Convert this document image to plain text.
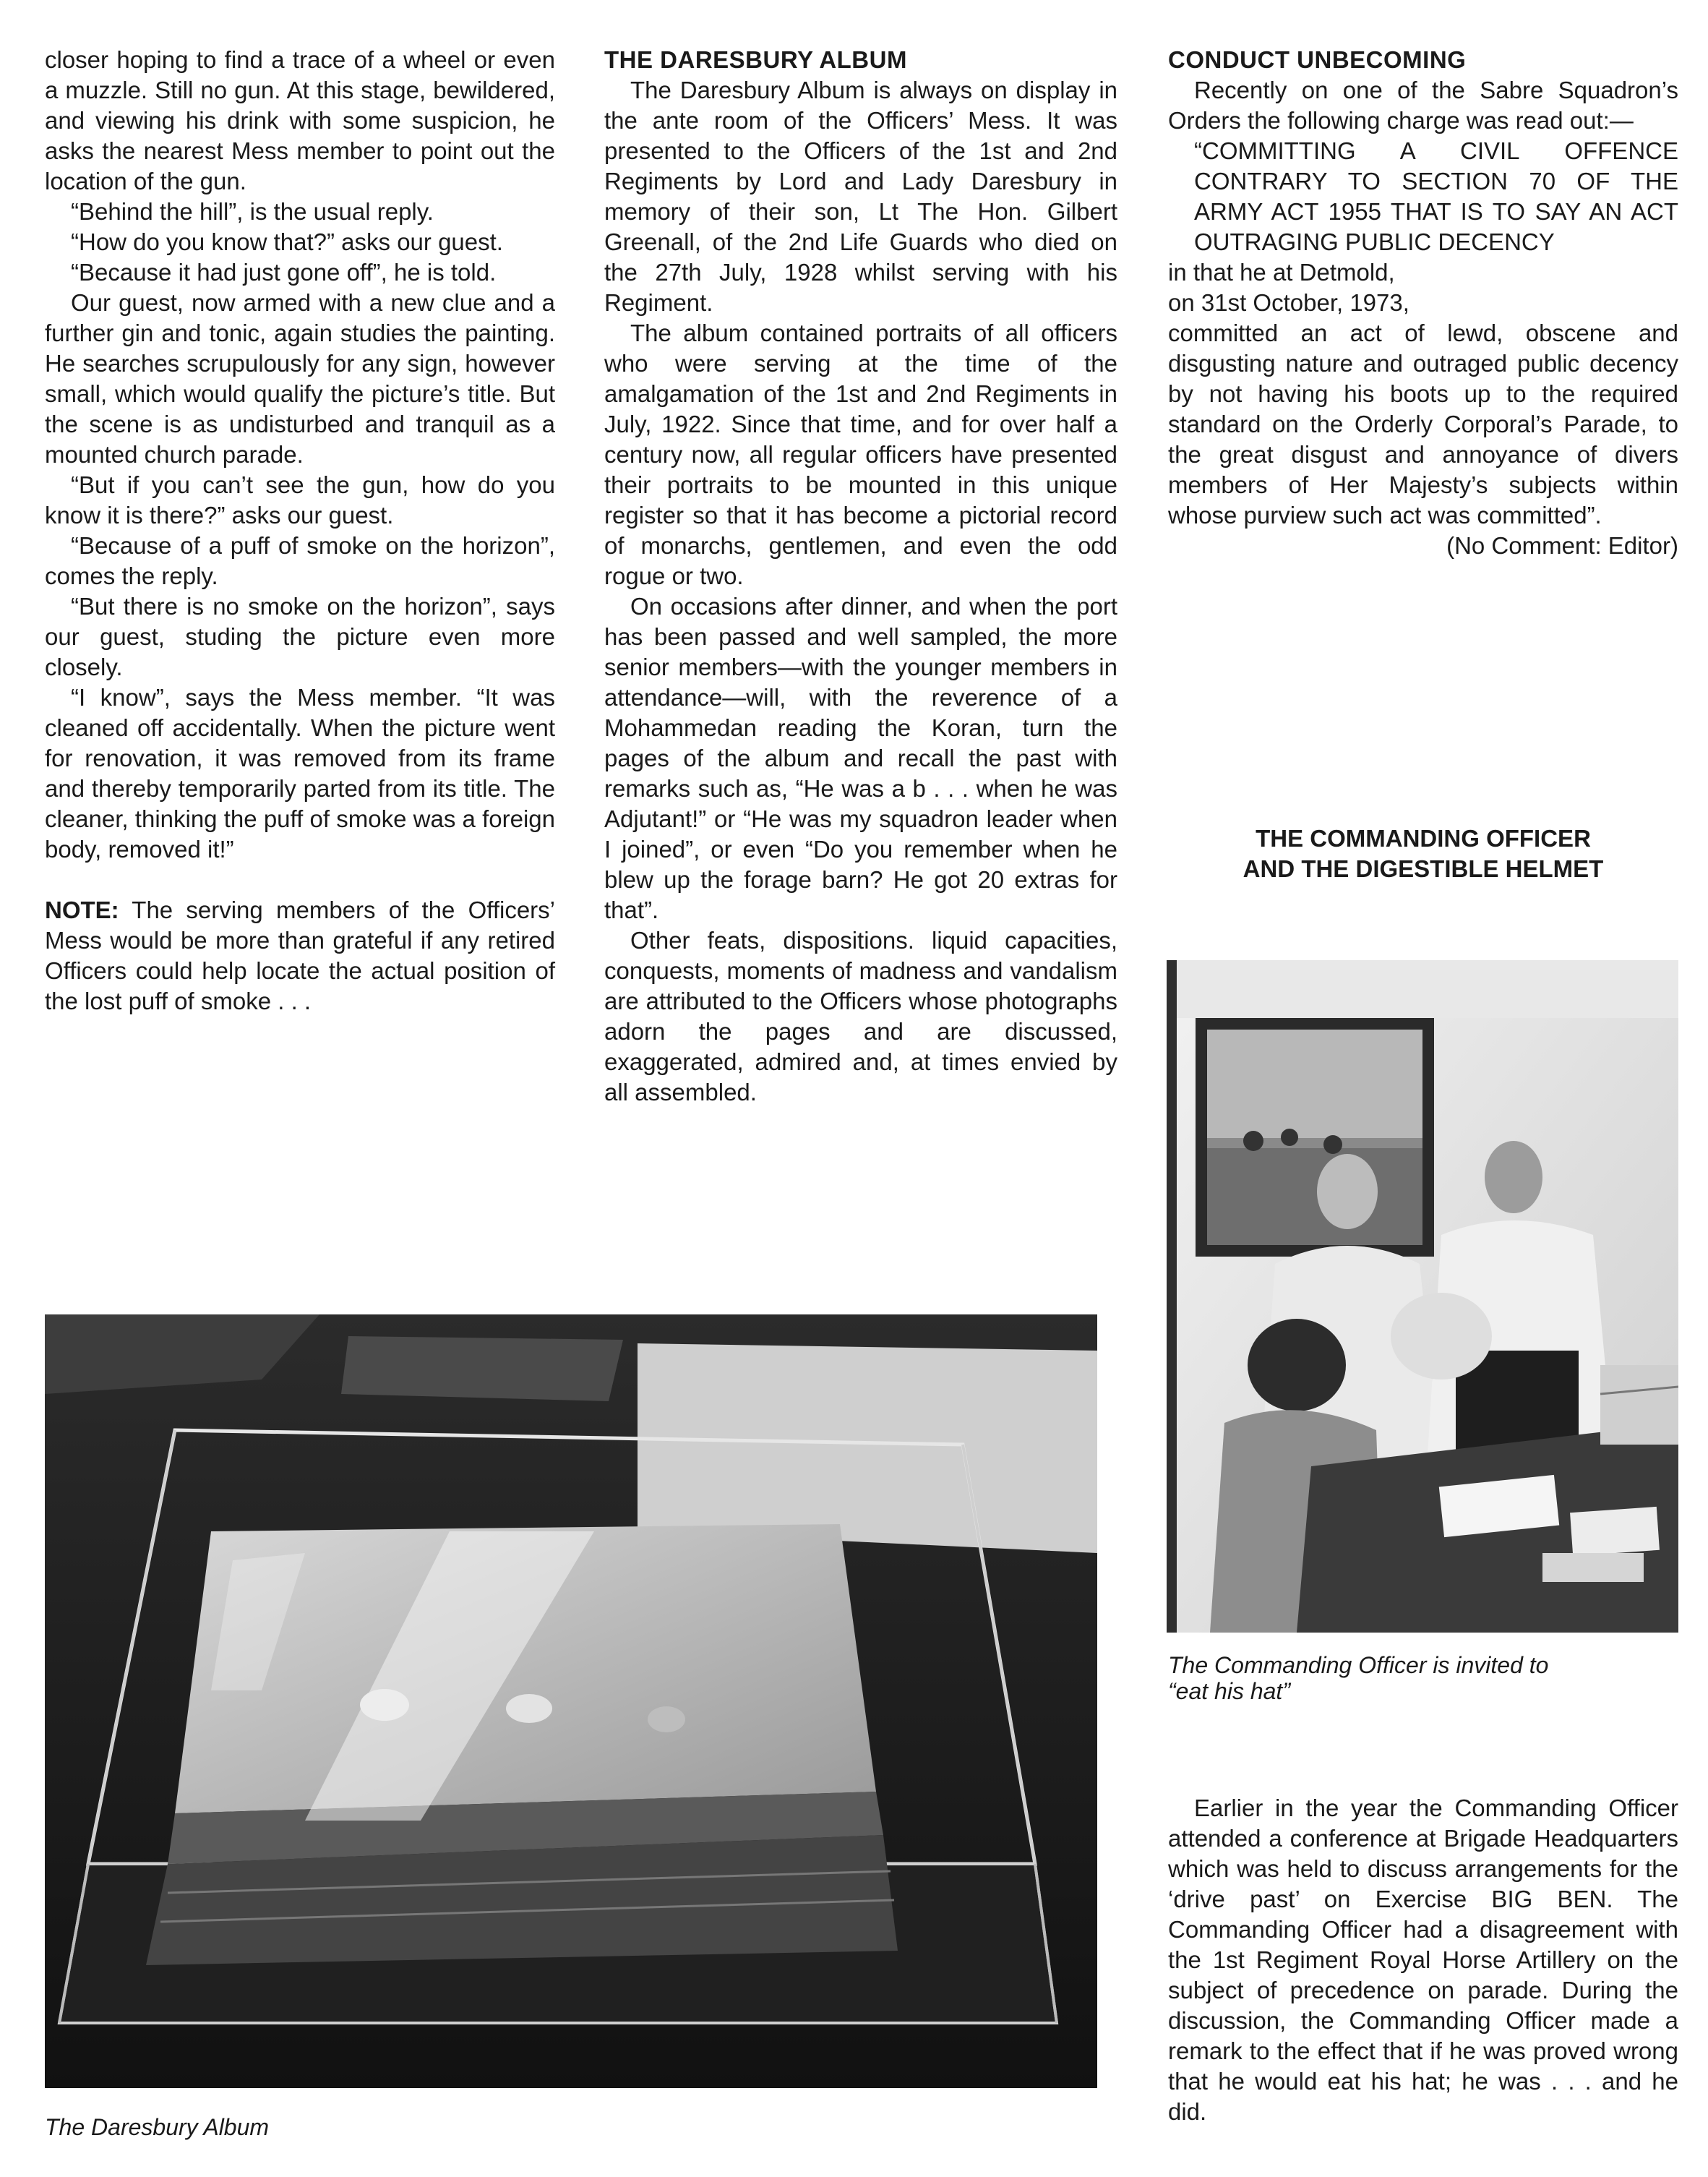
closer hoping to find a trace of a wheel or even a muzzle. Still no gun. At this stage, bewildered, and viewing his drink with some suspicion, he asks the nearest Mess member to point out the location of the gun.

“Behind the hill”, is the usual reply.

“How do you know that?” asks our guest.

“Because it had just gone off”, he is told.

Our guest, now armed with a new clue and a further gin and tonic, again studies the painting. He searches scrupulously for any sign, however small, which would qualify the picture’s title. But the scene is as undisturbed and tranquil as a mounted church parade.

“But if you can’t see the gun, how do you know it is there?” asks our guest.

“Because of a puff of smoke on the horizon”, comes the reply.

“But there is no smoke on the horizon”, says our guest, studing the picture even more closely.

“I know”, says the Mess member. “It was cleaned off accidentally. When the picture went for renovation, it was removed from its frame and thereby temporarily parted from its title. The cleaner, thinking the puff of smoke was a foreign body, removed it!”

NOTE: The serving members of the Officers’ Mess would be more than grateful if any retired Officers could help locate the actual position of the lost puff of smoke . . .

THE DARESBURY ALBUM

The Daresbury Album is always on display in the ante room of the Officers’ Mess. It was presented to the Officers of the 1st and 2nd Regiments by Lord and Lady Daresbury in memory of their son, Lt The Hon. Gilbert Greenall, of the 2nd Life Guards who died on the 27th July, 1928 whilst serving with his Regiment.

The album contained portraits of all officers who were serving at the time of the amalgamation of the 1st and 2nd Regiments in July, 1922. Since that time, and for over half a century now, all regular officers have presented their portraits to be mounted in this unique register so that it has become a pictorial record of monarchs, gentlemen, and even the odd rogue or two.

On occasions after dinner, and when the port has been passed and well sampled, the more senior members—with the younger members in attendance—will, with the reverence of a Mohammedan reading the Koran, turn the pages of the album and recall the past with remarks such as, “He was a b . . . when he was Adjutant!” or “He was my squadron leader when I joined”, or even “Do you remember when he blew up the forage barn? He got 20 extras for that”.

Other feats, dispositions. liquid capacities, conquests, moments of madness and vandalism are attributed to the Officers whose photographs adorn the pages and are discussed, exaggerated, admired and, at times envied by all assembled.

CONDUCT UNBECOMING

Recently on one of the Sabre Squadron’s Orders the following charge was read out:—

“COMMITTING A CIVIL OFFENCE CONTRARY TO SECTION 70 OF THE ARMY ACT 1955 THAT IS TO SAY AN ACT OUTRAGING PUBLIC DECENCY

in that he at Detmold,

on 31st October, 1973,

committed an act of lewd, obscene and disgusting nature and outraged public decency by not having his boots up to the required standard on the Orderly Corporal’s Parade, to the great disgust and annoyance of divers members of Her Majesty’s subjects within whose purview such act was committed”.

(No Comment: Editor)

THE COMMANDING OFFICER
AND THE DIGESTIBLE HELMET
The Commanding Officer is invited to “eat his hat”

Earlier in the year the Commanding Officer attended a conference at Brigade Headquarters which was held to discuss arrangements for the ‘drive past’ on Exercise BIG BEN. The Commanding Officer had a disagreement with the 1st Regiment Royal Horse Artillery on the subject of precedence on parade. During the discussion, the Commanding Officer made a remark to the effect that if he was proved wrong that he would eat his hat; he was . . . and he did.

The Daresbury Album
